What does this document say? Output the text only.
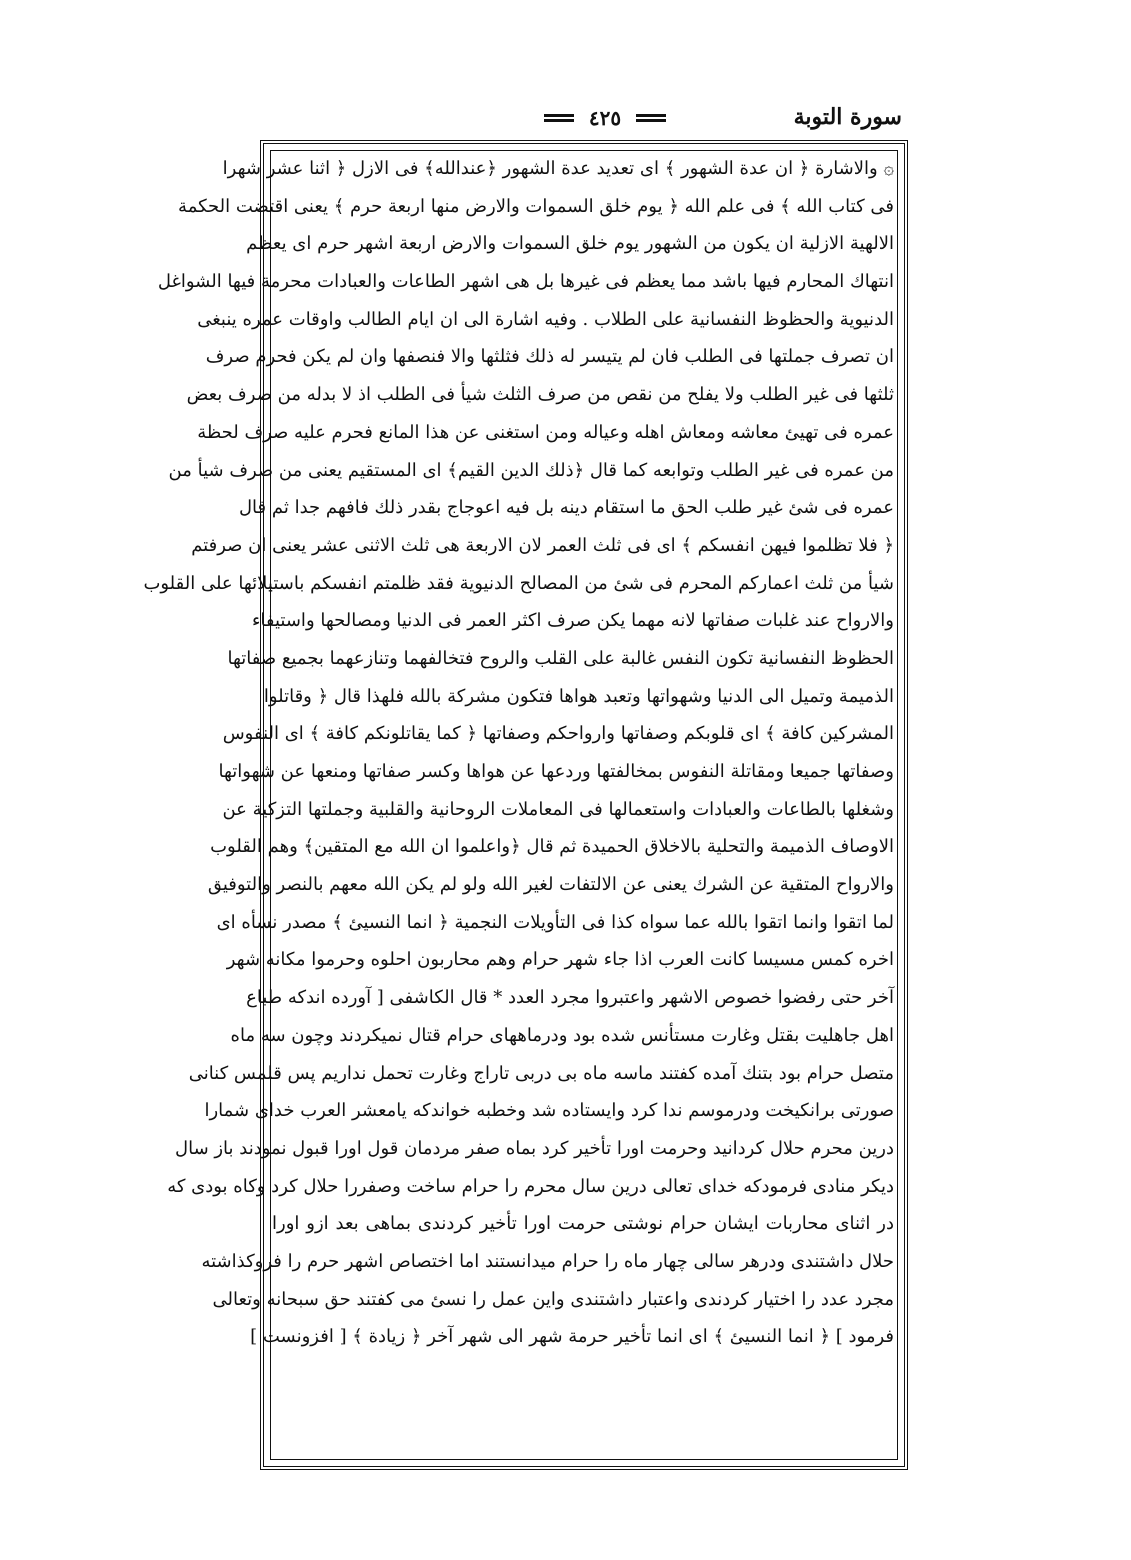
سورة التوبة
٤٢٥
۞ والاشارة ﴿ ان عدة الشهور ﴾ اى تعديد عدة الشهور ﴿عندالله﴾ فى الازل ﴿ اثنا عشر شهرا
فى كتاب الله ﴾ فى علم الله ﴿ يوم خلق السموات والارض منها اربعة حرم ﴾ يعنى اقتضت الحكمة
الالهية الازلية ان يكون من الشهور يوم خلق السموات والارض اربعة اشهر حرم اى يعظم
انتهاك المحارم فيها باشد مما يعظم فى غيرها بل هى اشهر الطاعات والعبادات محرمة فيها الشواغل
الدنيوية والحظوظ النفسانية على الطلاب . وفيه اشارة الى ان ايام الطالب واوقات عمره ينبغى
ان تصرف جملتها فى الطلب فان لم يتيسر له ذلك فثلثها والا فنصفها وان لم يكن فحرم صرف
ثلثها فى غير الطلب ولا يفلح من نقص من صرف الثلث شيأ فى الطلب اذ لا بدله من صرف بعض
عمره فى تهيئ معاشه ومعاش اهله وعياله ومن استغنى عن هذا المانع فحرم عليه صرف لحظة
من عمره فى غير الطلب وتوابعه كما قال ﴿ذلك الدين القيم﴾ اى المستقيم يعنى من صرف شيأ من
عمره فى شئ غير طلب الحق ما استقام دينه بل فيه اعوجاج بقدر ذلك فافهم جدا ثم قال
﴿ فلا تظلموا فيهن انفسكم ﴾ اى فى ثلث العمر لان الاربعة هى ثلث الاثنى عشر يعنى ان صرفتم
شيأ من ثلث اعماركم المحرم فى شئ من المصالح الدنيوية فقد ظلمتم انفسكم باستيلائها على القلوب
والارواح عند غلبات صفاتها لانه مهما يكن صرف اكثر العمر فى الدنيا ومصالحها واستيفاء
الحظوظ النفسانية تكون النفس غالبة على القلب والروح فتخالفهما وتنازعهما بجميع صفاتها
الذميمة وتميل الى الدنيا وشهواتها وتعبد هواها فتكون مشركة بالله فلهذا قال ﴿ وقاتلوا
المشركين كافة ﴾ اى قلوبكم وصفاتها وارواحكم وصفاتها ﴿ كما يقاتلونكم كافة ﴾ اى النفوس
وصفاتها جميعا ومقاتلة النفوس بمخالفتها وردعها عن هواها وكسر صفاتها ومنعها عن شهواتها
وشغلها بالطاعات والعبادات واستعمالها فى المعاملات الروحانية والقلبية وجملتها التزكية عن
الاوصاف الذميمة والتحلية بالاخلاق الحميدة ثم قال ﴿واعلموا ان الله مع المتقين﴾ وهم القلوب
والارواح المتقية عن الشرك يعنى عن الالتفات لغير الله ولو لم يكن الله معهم بالنصر والتوفيق
لما اتقوا وانما اتقوا بالله عما سواه كذا فى التأويلات النجمية ﴿ انما النسيئ ﴾ مصدر نسأه اى
اخره كمس مسيسا كانت العرب اذا جاء شهر حرام وهم محاربون احلوه وحرموا مكانه شهر
آخر حتى رفضوا خصوص الاشهر واعتبروا مجرد العدد * قال الكاشفى [ آورده اندكه طباع
اهل جاهليت بقتل وغارت مستأنس شده بود ودرماههاى حرام قتال نميكردند وچون سه ماه
متصل حرام بود بتنك آمده كفتند ماسه ماه بى دربى تاراج وغارت تحمل نداريم پس قلمس كنانى
صورتى برانكيخت ودرموسم ندا كرد وايستاده شد وخطبه خواندكه يامعشر العرب خداى شمارا
درين محرم حلال كردانيد وحرمت اورا تأخير كرد بماه صفر مردمان قول اورا قبول نمودند باز سال
ديكر منادى فرمودكه خداى تعالى درين سال محرم را حرام ساخت وصفررا حلال كرد وكاه بودى كه
در اثناى محاربات ايشان حرام نوشتى حرمت اورا تأخير كردندى بماهى بعد ازو اورا
حلال داشتندى ودرهر سالى چهار ماه را حرام ميدانستند اما اختصاص اشهر حرم را فروكذاشته
مجرد عدد را اختيار كردندى واعتبار داشتندى واين عمل را نسئ مى كفتند حق سبحانه وتعالى
فرمود ] ﴿ انما النسيئ ﴾ اى انما تأخير حرمة شهر الى شهر آخر ﴿ زيادة ﴾ [ افزونست ]
